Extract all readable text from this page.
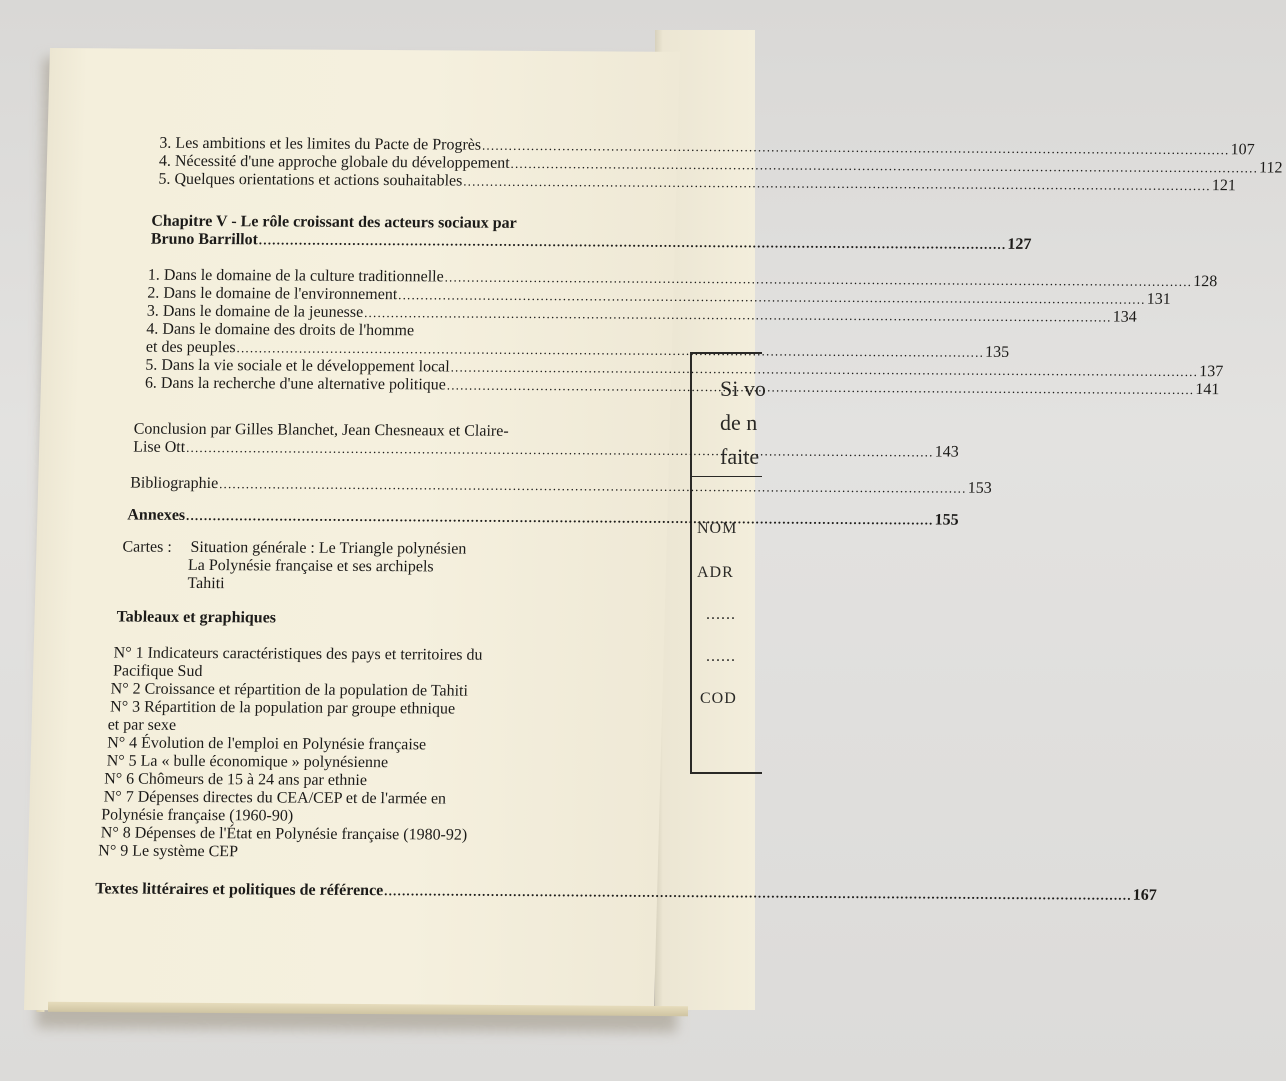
Si vo
de n
faite
NOM
ADR
......
......
COD
3. Les ambitions et les limites du Pacte de Progrès .....	107
4. Nécessité d'une approche globale du développement .....	112
5. Quelques orientations et actions souhaitables .....	121
Chapitre V - Le rôle croissant des acteurs sociaux par
Bruno Barrillot .....	127
1. Dans le domaine de la culture traditionnelle .....	128
2. Dans le domaine de l'environnement .....	131
3. Dans le domaine de la jeunesse .....	134
4. Dans le domaine des droits de l'homme
et des peuples .....	135
5. Dans la vie sociale et le développement local .....	137
6. Dans la recherche d'une alternative politique .....	141
Conclusion par Gilles Blanchet, Jean Chesneaux et Claire-
Lise Ott .....	143
Bibliographie .....	153
Annexes .....	155
Cartes : Situation générale : Le Triangle polynésien
La Polynésie française et ses archipels
Tahiti
Tableaux et graphiques
N° 1 Indicateurs caractéristiques des pays et territoires du
Pacifique Sud
N° 2 Croissance et répartition de la population de Tahiti
N° 3 Répartition de la population par groupe ethnique
et par sexe
N° 4 Évolution de l'emploi en Polynésie française
N° 5 La « bulle économique » polynésienne
N° 6 Chômeurs de 15 à 24 ans par ethnie
N° 7 Dépenses directes du CEA/CEP et de l'armée en
Polynésie française (1960-90)
N° 8 Dépenses de l'État en Polynésie française (1980-92)
N° 9 Le système CEP
Textes littéraires et politiques de référence .....	167
